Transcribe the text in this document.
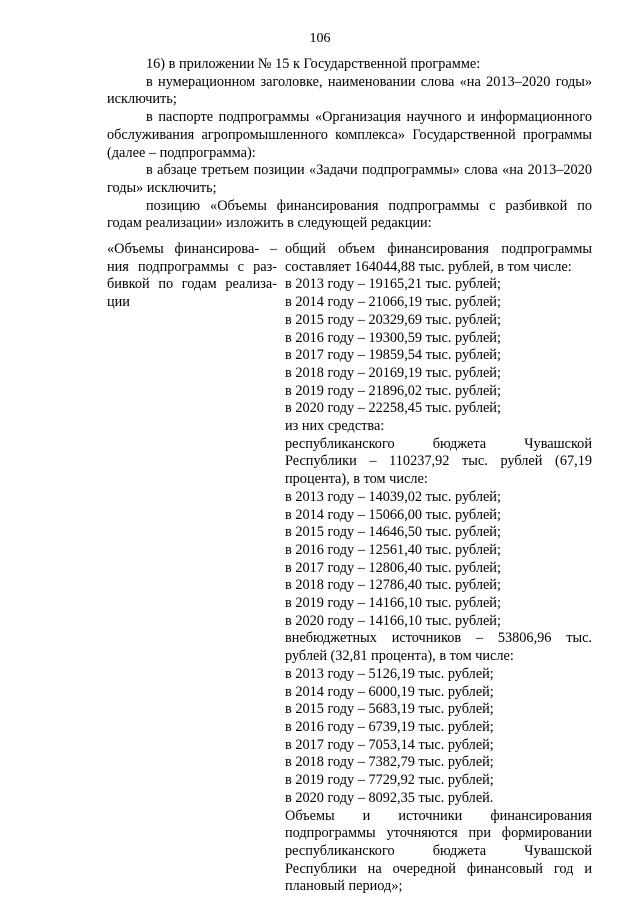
106

16) в приложении № 15 к Государственной программе:

в нумерационном заголовке, наименовании слова «на 2013–2020 годы» исключить;

в паспорте подпрограммы «Организация научного и информационного обслуживания агропромышленного комплекса» Государственной программы (далее – подпрограмма):

в абзаце третьем позиции «Задачи подпрограммы» слова «на 2013–2020 годы» исключить;

позицию «Объемы финансирования подпрограммы с разбивкой по годам реализации» изложить в следующей редакции:

«Объемы финансирова- –
ния подпрограммы с раз-
бивкой по годам реализа-
ции
общий объем финансирования подпрограммы составляет 164044,88 тыс. рублей, в том числе:
в 2013 году – 19165,21 тыс. рублей;
в 2014 году – 21066,19 тыс. рублей;
в 2015 году – 20329,69 тыс. рублей;
в 2016 году – 19300,59 тыс. рублей;
в 2017 году – 19859,54 тыс. рублей;
в 2018 году – 20169,19 тыс. рублей;
в 2019 году – 21896,02 тыс. рублей;
в 2020 году – 22258,45 тыс. рублей;
из них средства:
республиканского бюджета Чувашской Республики – 110237,92 тыс. рублей (67,19 процента), в том числе:
в 2013 году – 14039,02 тыс. рублей;
в 2014 году – 15066,00 тыс. рублей;
в 2015 году – 14646,50 тыс. рублей;
в 2016 году – 12561,40 тыс. рублей;
в 2017 году – 12806,40 тыс. рублей;
в 2018 году – 12786,40 тыс. рублей;
в 2019 году – 14166,10 тыс. рублей;
в 2020 году – 14166,10 тыс. рублей;
внебюджетных источников – 53806,96 тыс. рублей (32,81 процента), в том числе:
в 2013 году – 5126,19 тыс. рублей;
в 2014 году – 6000,19 тыс. рублей;
в 2015 году – 5683,19 тыс. рублей;
в 2016 году – 6739,19 тыс. рублей;
в 2017 году – 7053,14 тыс. рублей;
в 2018 году – 7382,79 тыс. рублей;
в 2019 году – 7729,92 тыс. рублей;
в 2020 году – 8092,35 тыс. рублей.
Объемы и источники финансирования подпрограммы уточняются при формировании республиканского бюджета Чувашской Республики на очередной финансовый год и плановый период»;
